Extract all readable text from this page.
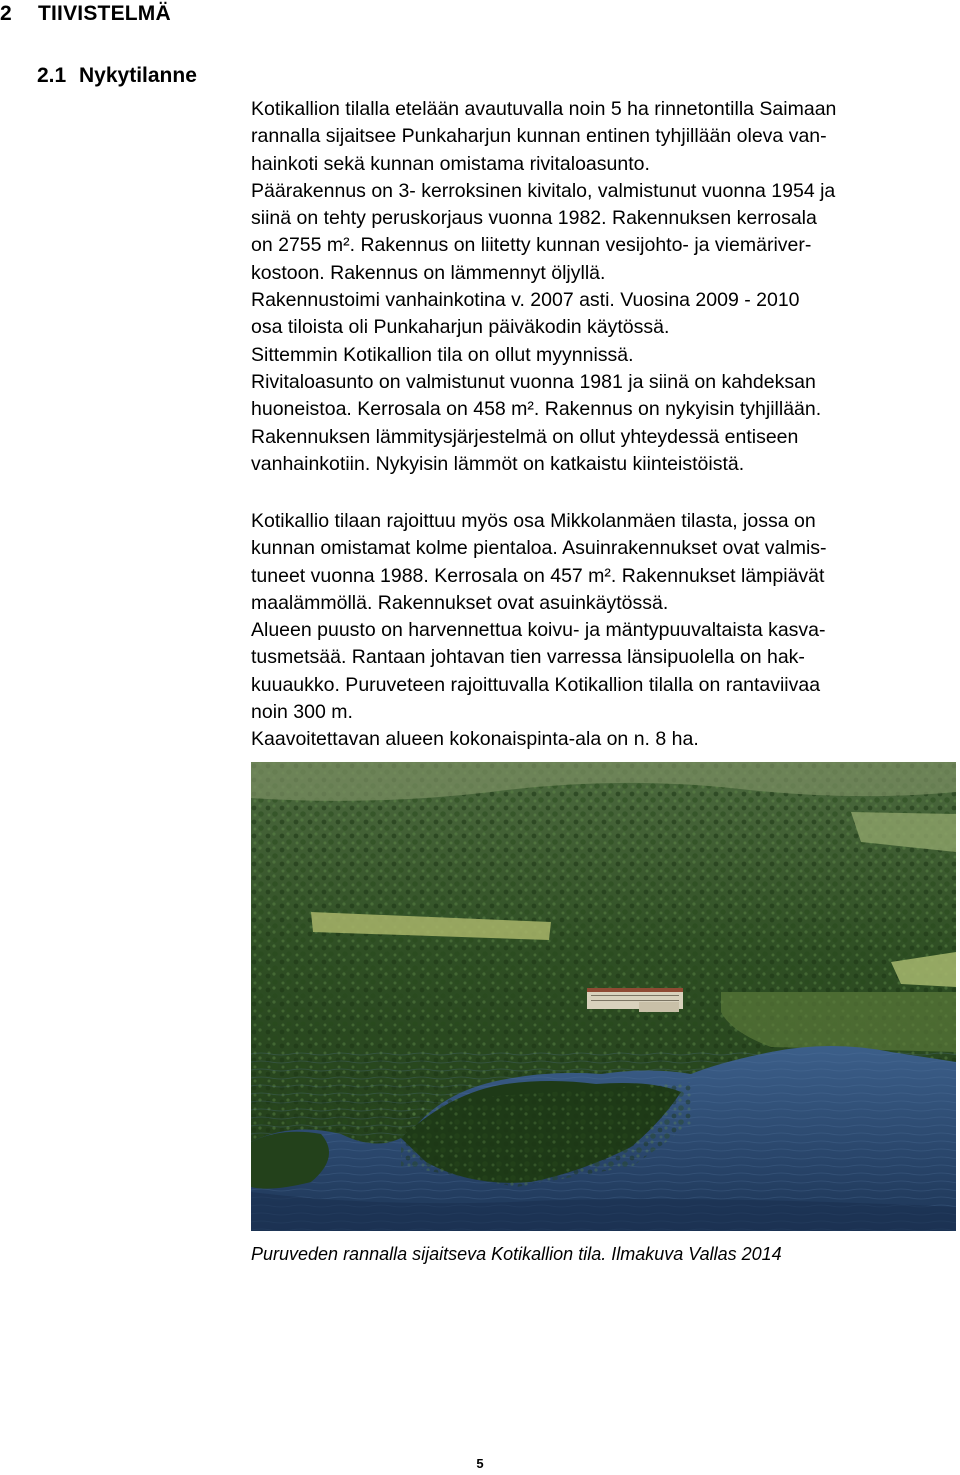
2 TIIVISTELMÄ
2.1 Nykytilanne
Kotikallion tilalla etelään avautuvalla noin 5 ha rinnetontilla Saimaan
rannalla sijaitsee Punkaharjun kunnan entinen tyhjillään oleva van-
hainkoti sekä kunnan omistama rivitaloasunto.
Päärakennus on 3- kerroksinen kivitalo, valmistunut vuonna 1954 ja
siinä on tehty peruskorjaus vuonna 1982. Rakennuksen kerrosala
on 2755 m². Rakennus on liitetty kunnan vesijohto- ja viemäriver-
kostoon. Rakennus on lämmennyt öljyllä.
Rakennustoimi vanhainkotina v. 2007 asti. Vuosina 2009 - 2010
osa tiloista oli Punkaharjun päiväkodin käytössä.
Sittemmin Kotikallion tila on ollut myynnissä.
Rivitaloasunto on valmistunut vuonna 1981 ja siinä on kahdeksan
huoneistoa. Kerrosala on 458 m². Rakennus on nykyisin tyhjillään.
Rakennuksen lämmitysjärjestelmä on ollut yhteydessä entiseen
vanhainkotiin. Nykyisin lämmöt on katkaistu kiinteistöistä.
Kotikallio tilaan rajoittuu myös osa Mikkolanmäen tilasta, jossa on
kunnan omistamat kolme pientaloa. Asuinrakennukset ovat valmis-
tuneet vuonna 1988. Kerrosala on 457 m². Rakennukset lämpiävät
maalämmöllä. Rakennukset ovat asuinkäytössä.
Alueen puusto on harvennettua koivu- ja mäntypuuvaltaista kasva-
tusmetsää. Rantaan johtavan tien varressa länsipuolella on hak-
kuuaukko. Puruveteen rajoittuvalla Kotikallion tilalla on rantaviivaa
noin 300 m.
Kaavoitettavan alueen kokonaispinta-ala on n. 8 ha.
Puruveden rannalla sijaitseva Kotikallion tila. Ilmakuva Vallas 2014
5
